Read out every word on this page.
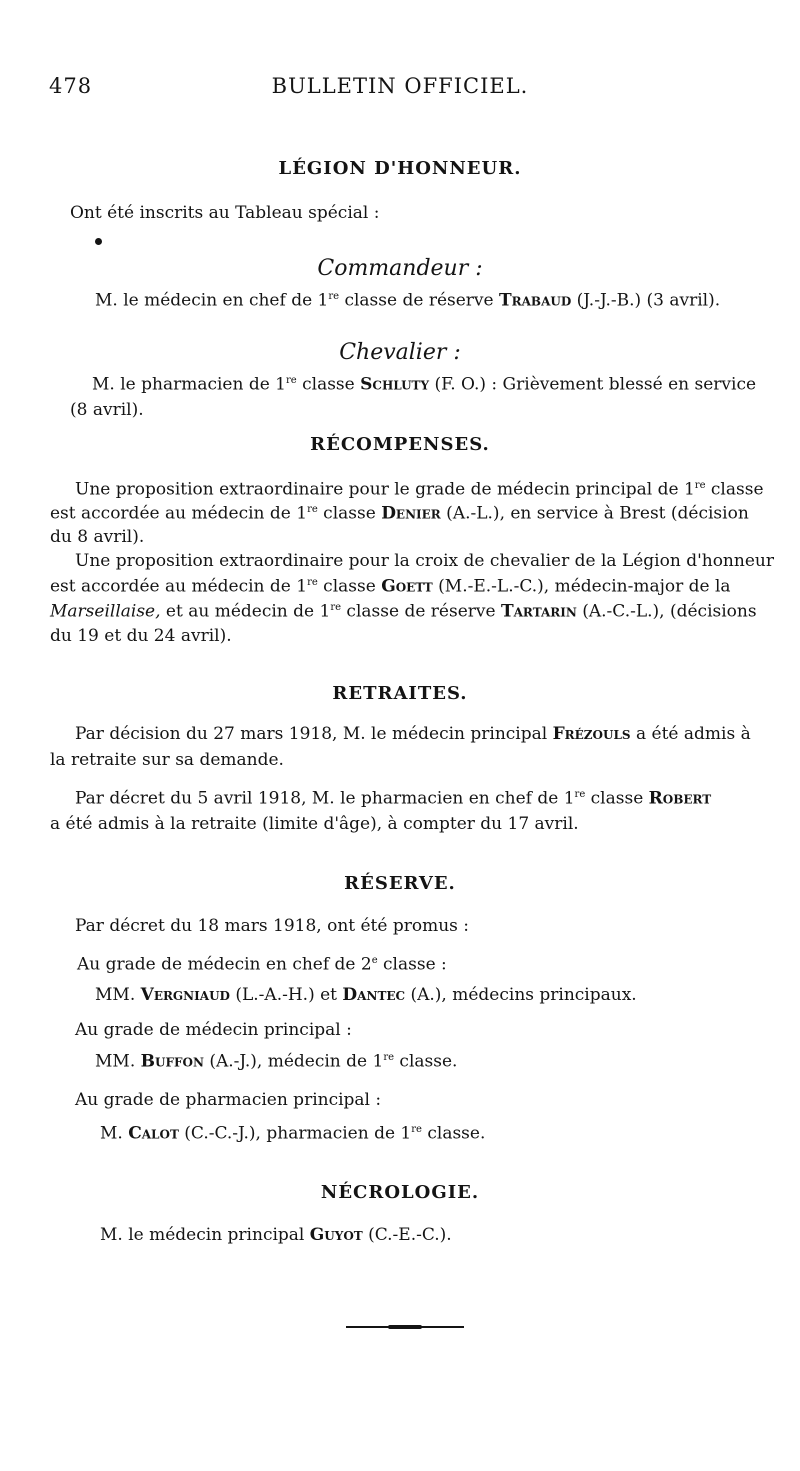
478	BULLETIN OFFICIEL.
LÉGION D'HONNEUR.
Ont été inscrits au Tableau spécial :
Commandeur :
M. le médecin en chef de 1re classe de réserve Trabaud (J.-J.-B.) (3 avril).
Chevalier :
M. le pharmacien de 1re classe Schluty (F. O.) : Grièvement blessé en service
(8 avril).
RÉCOMPENSES.
Une proposition extraordinaire pour le grade de médecin principal de 1re classe
est accordée au médecin de 1re classe Denier (A.-L.), en service à Brest (décision
du 8 avril).
Une proposition extraordinaire pour la croix de chevalier de la Légion d'honneur
est accordée au médecin de 1re classe Goett (M.-E.-L.-C.), médecin-major de la
Marseillaise, et au médecin de 1re classe de réserve Tartarin (A.-C.-L.), (décisions
du 19 et du 24 avril).
RETRAITES.
Par décision du 27 mars 1918, M. le médecin principal Frézouls a été admis à
la retraite sur sa demande.
Par décret du 5 avril 1918, M. le pharmacien en chef de 1re classe Robert
a été admis à la retraite (limite d'âge), à compter du 17 avril.
RÉSERVE.
Par décret du 18 mars 1918, ont été promus :
Au grade de médecin en chef de 2e classe :
MM. Vergniaud (L.-A.-H.) et Dantec (A.), médecins principaux.
Au grade de médecin principal :
MM. Buffon (A.-J.), médecin de 1re classe.
Au grade de pharmacien principal :
M. Calot (C.-C.-J.), pharmacien de 1re classe.
NÉCROLOGIE.
M. le médecin principal Guyot (C.-E.-C.).
